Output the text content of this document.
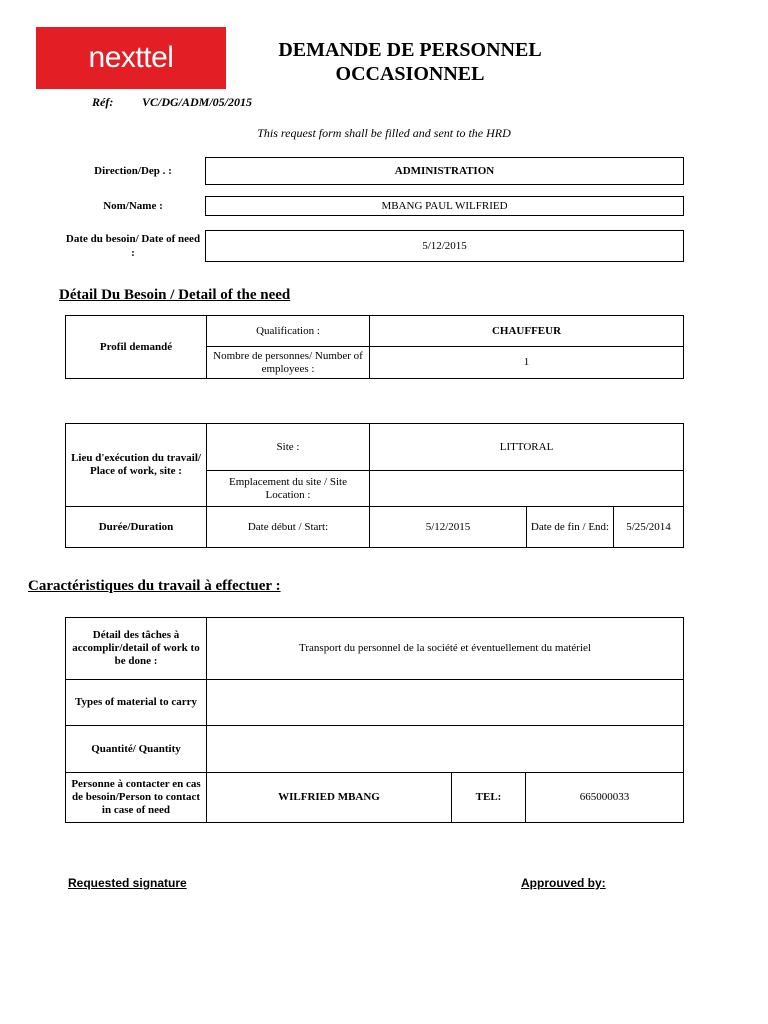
nexttel	DEMANDE DE PERSONNEL
OCCASIONNEL
Réf: VC/DG/ADM/05/2015
This request form shall be filled and sent to the HRD
Direction/Dep . :	ADMINISTRATION
Nom/Name :	MBANG PAUL WILFRIED
Date du besoin/ Date of need :
5/12/2015
Détail Du Besoin / Detail of the need
Profil demandé	Qualification :	CHAUFFEUR
	Nombre de personnes/ Number of employees :	1
Lieu d'exécution du travail/ Place of work, site :	Site :	LITTORAL		
	Emplacement du site / Site Location :			
Durée/Duration	Date début / Start:	5/12/2015	Date de fin / End:	5/25/2014
Caractéristiques du travail à effectuer :
Détail des tâches à accomplir/detail of work to be done :	Transport du personnel de la société et éventuellement du matériel		
Types of material to carry			
Quantité/ Quantity			
Personne à contacter en cas de besoin/Person to contact in case of need	WILFRIED MBANG	TEL:	665000033
Requested signature	Approuved by:
